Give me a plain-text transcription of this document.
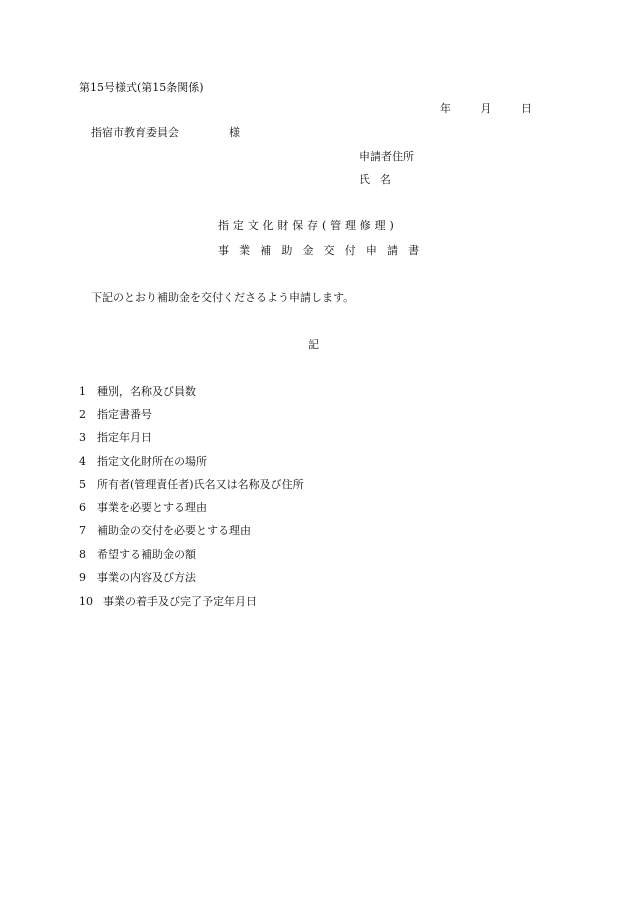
第15号様式(第15条関係)
年	月	日
指宿市教育委員会	様
申請者住所
氏名
指定文化財保存(管理修理)
事業補助金交付申請書
下記のとおり補助金を交付くださるよう申請します。
記
1 種別，名称及び員数
2 指定書番号
3 指定年月日
4 指定文化財所在の場所
5 所有者(管理責任者)氏名又は名称及び住所
6 事業を必要とする理由
7 補助金の交付を必要とする理由
8 希望する補助金の額
9 事業の内容及び方法
10 事業の着手及び完了予定年月日
